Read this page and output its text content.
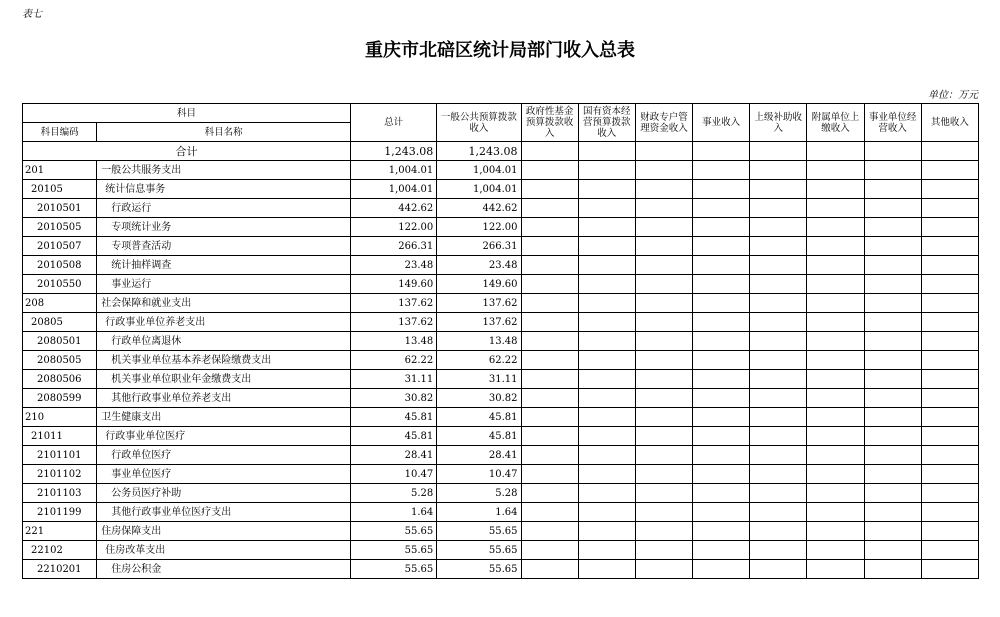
表七
重庆市北碚区统计局部门收入总表
单位：万元
科目		总计	一般公共预算拨款收入	政府性基金预算拨款收入	国有资本经营预算拨款收入	财政专户管理资金收入	事业收入	上级补助收入	附属单位上缴收入	事业单位经营收入	其他收入
科目编码	科目名称										
合计		1,243.08	1,243.08								
201	一般公共服务支出	1,004.01	1,004.01								
20105	统计信息事务	1,004.01	1,004.01								
2010501	行政运行	442.62	442.62								
2010505	专项统计业务	122.00	122.00								
2010507	专项普查活动	266.31	266.31								
2010508	统计抽样调查	23.48	23.48								
2010550	事业运行	149.60	149.60								
208	社会保障和就业支出	137.62	137.62								
20805	行政事业单位养老支出	137.62	137.62								
2080501	行政单位离退休	13.48	13.48								
2080505	机关事业单位基本养老保险缴费支出	62.22	62.22								
2080506	机关事业单位职业年金缴费支出	31.11	31.11								
2080599	其他行政事业单位养老支出	30.82	30.82								
210	卫生健康支出	45.81	45.81								
21011	行政事业单位医疗	45.81	45.81								
2101101	行政单位医疗	28.41	28.41								
2101102	事业单位医疗	10.47	10.47								
2101103	公务员医疗补助	5.28	5.28								
2101199	其他行政事业单位医疗支出	1.64	1.64								
221	住房保障支出	55.65	55.65								
22102	住房改革支出	55.65	55.65								
2210201	住房公积金	55.65	55.65								
